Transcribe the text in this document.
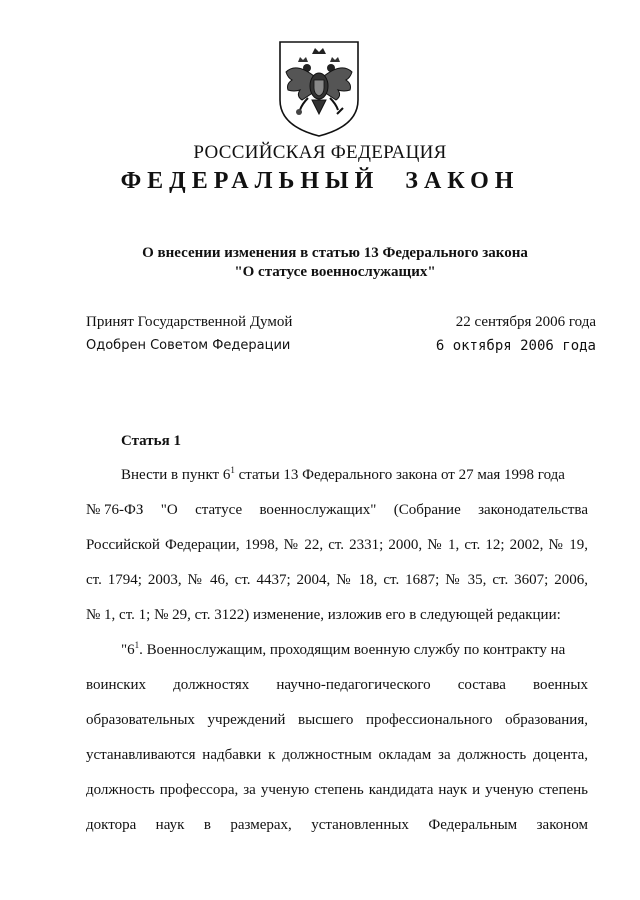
РОССИЙСКАЯ ФЕДЕРАЦИЯ
ФЕДЕРАЛЬНЫЙ ЗАКОН
О внесении изменения в статью 13 Федерального закона
"О статусе военнослужащих"
Принят Государственной Думой	22 сентября 2006 года
Одобрен Советом Федерации	6 октября 2006 года
Статья 1
Внести в пункт $6^1$ статьи 13 Федерального закона от 27 мая 1998 года
№ 76-ФЗ "О статусе военнослужащих" (Собрание законодательства
Российской Федерации, 1998, № 22, ст. 2331; 2000, № 1, ст. 12; 2002, № 19,
ст. 1794; 2003, № 46, ст. 4437; 2004, № 18, ст. 1687; № 35, ст. 3607; 2006,
№ 1, ст. 1; № 29, ст. 3122) изменение, изложив его в следующей редакции:
"$6^1$. Военнослужащим, проходящим военную службу по контракту на
воинских должностях научно-педагогического состава военных
образовательных учреждений высшего профессионального образования,
устанавливаются надбавки к должностным окладам за должность доцента,
должность профессора, за ученую степень кандидата наук и ученую степень
доктора наук в размерах, установленных Федеральным законом
